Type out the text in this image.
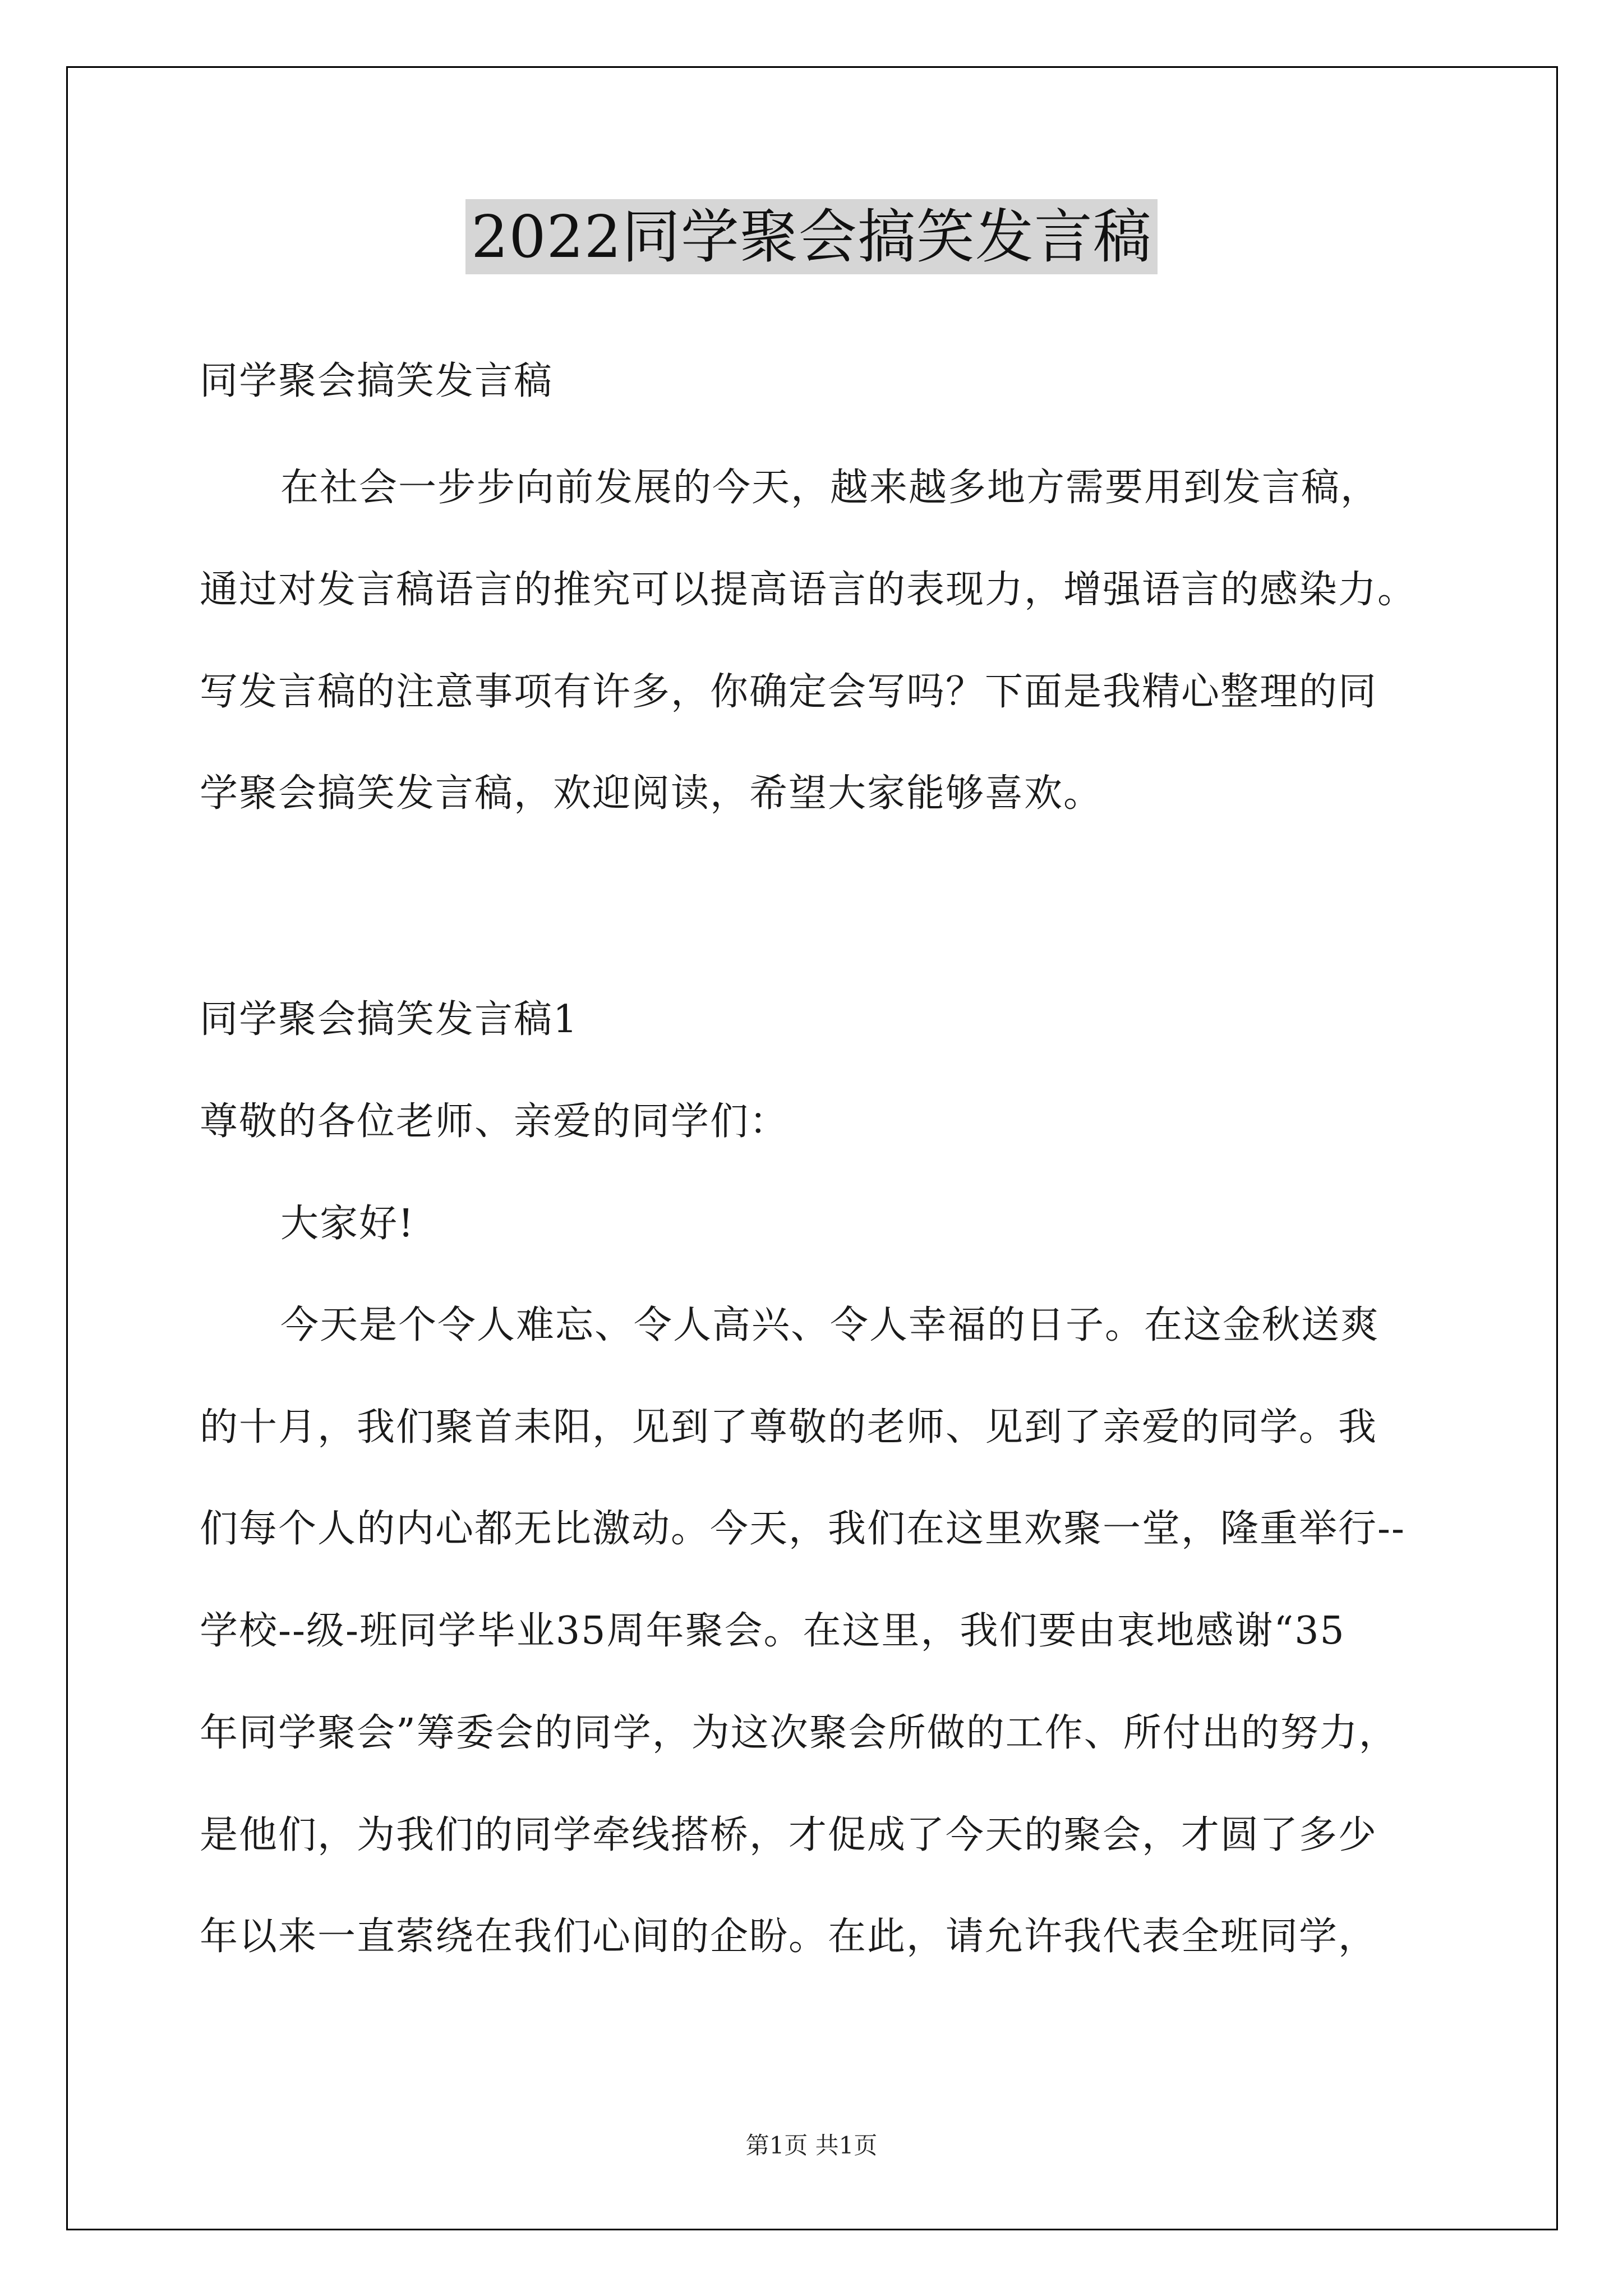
2022同学聚会搞笑发言稿
同学聚会搞笑发言稿
在社会一步步向前发展的今天，越来越多地方需要用到发言稿，
通过对发言稿语言的推究可以提高语言的表现力，增强语言的感染力。
写发言稿的注意事项有许多，你确定会写吗？下面是我精心整理的同
学聚会搞笑发言稿，欢迎阅读，希望大家能够喜欢。
同学聚会搞笑发言稿1
尊敬的各位老师、亲爱的同学们：
大家好!
今天是个令人难忘、令人高兴、令人幸福的日子。在这金秋送爽
的十月，我们聚首耒阳，见到了尊敬的老师、见到了亲爱的同学。我
们每个人的内心都无比激动。今天，我们在这里欢聚一堂，隆重举行--
学校--级-班同学毕业35周年聚会。在这里，我们要由衷地感谢“35
年同学聚会”筹委会的同学，为这次聚会所做的工作、所付出的努力，
是他们，为我们的同学牵线搭桥，才促成了今天的聚会，才圆了多少
年以来一直萦绕在我们心间的企盼。在此，请允许我代表全班同学，
第1页 共1页
